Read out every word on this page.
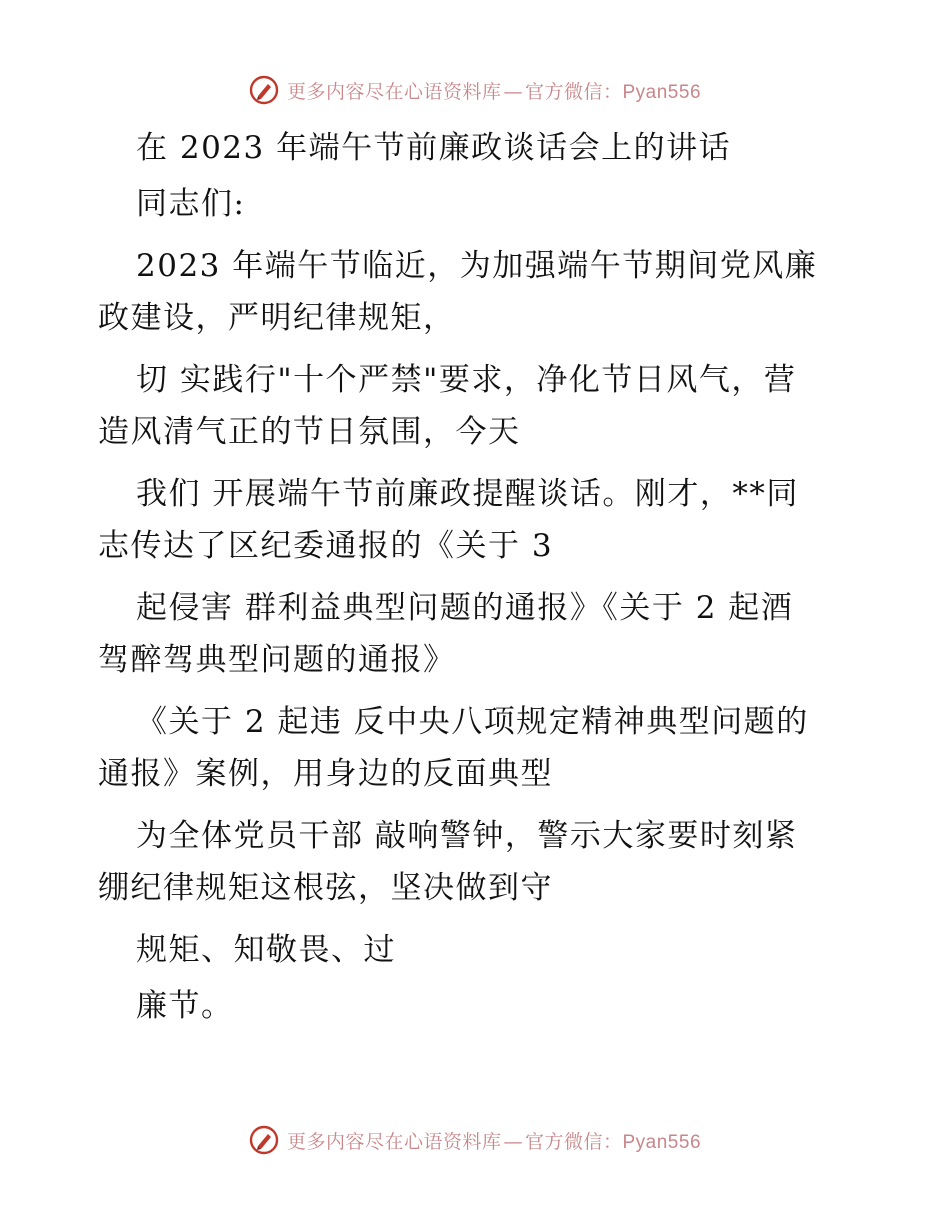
更多内容尽在心语资料库 — 官方微信：Pyan556
在 2023 年端午节前廉政谈话会上的讲话
同志们:
2023 年端午节临近，为加强端午节期间党风廉
政建设，严明纪律规矩，
切 实践行"十个严禁"要求，净化节日风气，营
造风清气正的节日氛围，今天
我们 开展端午节前廉政提醒谈话。刚才，**同
志传达了区纪委通报的《关于 3
起侵害 群利益典型问题的通报》《关于 2 起酒
驾醉驾典型问题的通报》
《关于 2 起违 反中央八项规定精神典型问题的
通报》案例，用身边的反面典型
为全体党员干部 敲响警钟，警示大家要时刻紧
绷纪律规矩这根弦，坚决做到守
规矩、知敬畏、过
廉节。
更多内容尽在心语资料库 — 官方微信：Pyan556
